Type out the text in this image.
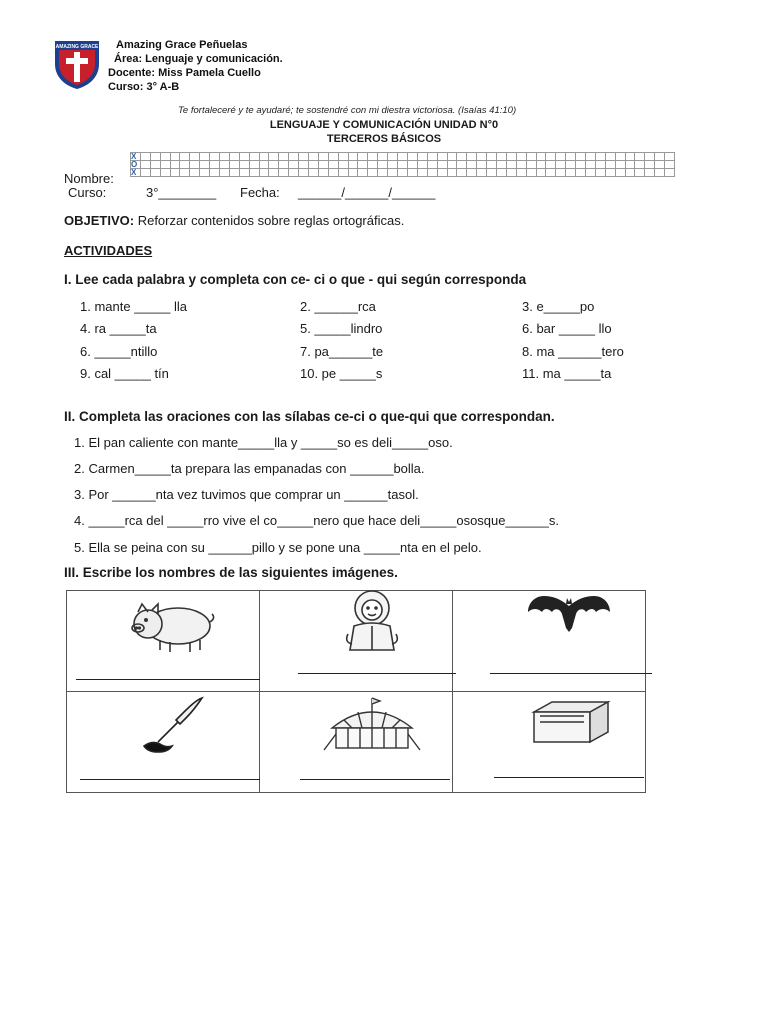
AMAZING GRACE Amazing Grace Peñuelas
Área: Lenguaje y comunicación.
Docente: Miss Pamela Cuello
Curso: 3° A-B
Te fortaleceré y te ayudaré; te sostendré con mi diestra victoriosa. (Isaías 41:10)
LENGUAJE Y COMUNICACIÓN UNIDAD N°0
TERCEROS BÁSICOS

X
O
X
Nombre:
Curso:	3°________ Fecha: ______/______/______
OBJETIVO: Reforzar contenidos sobre reglas ortográficas.
ACTIVIDADES
I. Lee cada palabra y completa con ce- ci o que - qui según corresponda
1. mante _____ lla	2. ______rca	3. e_____po
4. ra _____ta	5. _____lindro	6. bar _____ llo
6. _____ntillo	7. pa______te	8. ma ______tero
9. cal _____ tín	10. pe _____s	11. ma _____ta
II. Completa las oraciones con las sílabas ce-ci o que-qui que correspondan.
1. El pan caliente con mante_____lla y _____so es deli_____oso.
2. Carmen_____ta prepara las empanadas con ______bolla.
3. Por ______nta vez tuvimos que comprar un ______tasol.
4. _____rca del _____rro vive el co_____nero que hace deli_____ososque______s.
5. Ella se peina con su ______pillo y se pone una _____nta en el pelo.
III. Escribe los nombres de las siguientes imágenes.
